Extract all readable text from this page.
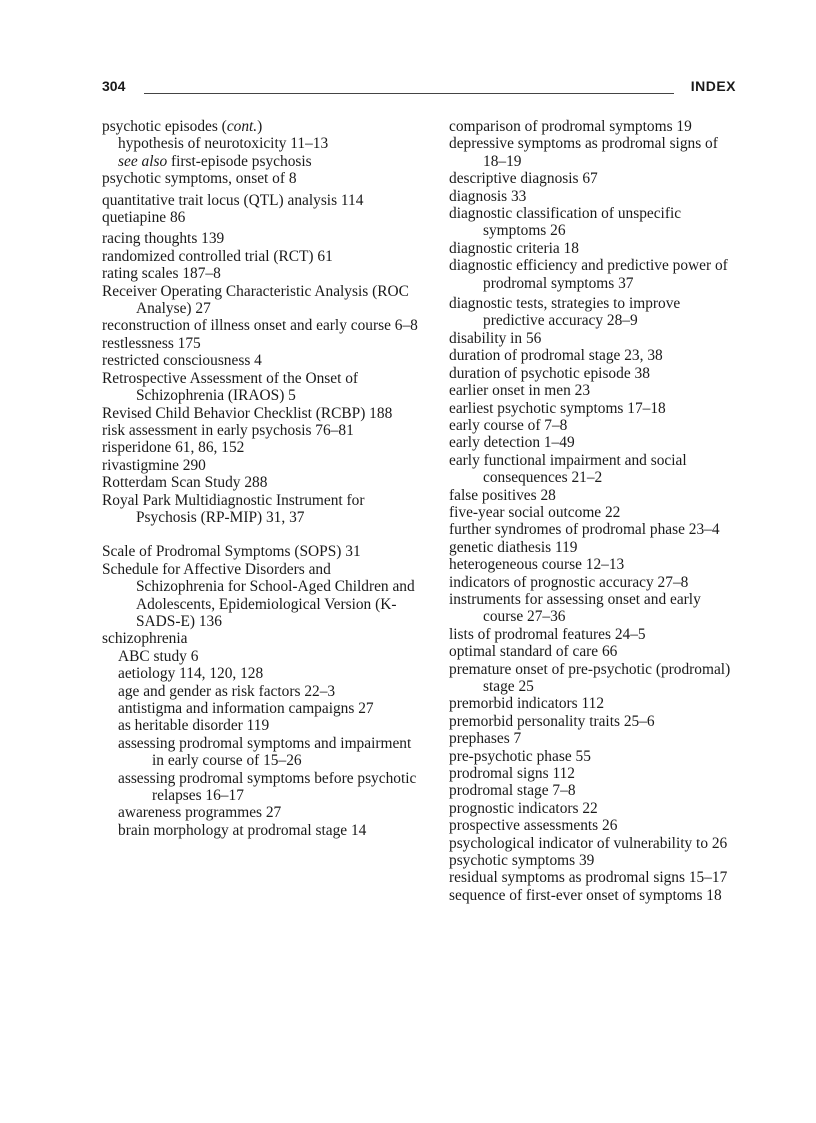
304	INDEX
psychotic episodes (cont.)
hypothesis of neurotoxicity 11–13
see also first-episode psychosis
psychotic symptoms, onset of 8
quantitative trait locus (QTL) analysis 114
quetiapine 86
racing thoughts 139
randomized controlled trial (RCT) 61
rating scales 187–8
Receiver Operating Characteristic Analysis (ROC Analyse) 27
reconstruction of illness onset and early course 6–8
restlessness 175
restricted consciousness 4
Retrospective Assessment of the Onset of Schizophrenia (IRAOS) 5
Revised Child Behavior Checklist (RCBP) 188
risk assessment in early psychosis 76–81
risperidone 61, 86, 152
rivastigmine 290
Rotterdam Scan Study 288
Royal Park Multidiagnostic Instrument for Psychosis (RP-MIP) 31, 37
Scale of Prodromal Symptoms (SOPS) 31
Schedule for Affective Disorders and Schizophrenia for School-Aged Children and Adolescents, Epidemiological Version (K-SADS-E) 136
schizophrenia
ABC study 6
aetiology 114, 120, 128
age and gender as risk factors 22–3
antistigma and information campaigns 27
as heritable disorder 119
assessing prodromal symptoms and impairment in early course of 15–26
assessing prodromal symptoms before psychotic relapses 16–17
awareness programmes 27
brain morphology at prodromal stage 14
comparison of prodromal symptoms 19
depressive symptoms as prodromal signs of 18–19
descriptive diagnosis 67
diagnosis 33
diagnostic classification of unspecific symptoms 26
diagnostic criteria 18
diagnostic efficiency and predictive power of prodromal symptoms 37
diagnostic tests, strategies to improve predictive accuracy 28–9
disability in 56
duration of prodromal stage 23, 38
duration of psychotic episode 38
earlier onset in men 23
earliest psychotic symptoms 17–18
early course of 7–8
early detection 1–49
early functional impairment and social consequences 21–2
false positives 28
five-year social outcome 22
further syndromes of prodromal phase 23–4
genetic diathesis 119
heterogeneous course 12–13
indicators of prognostic accuracy 27–8
instruments for assessing onset and early course 27–36
lists of prodromal features 24–5
optimal standard of care 66
premature onset of pre-psychotic (prodromal) stage 25
premorbid indicators 112
premorbid personality traits 25–6
prephases 7
pre-psychotic phase 55
prodromal signs 112
prodromal stage 7–8
prognostic indicators 22
prospective assessments 26
psychological indicator of vulnerability to 26
psychotic symptoms 39
residual symptoms as prodromal signs 15–17
sequence of first-ever onset of symptoms 18
